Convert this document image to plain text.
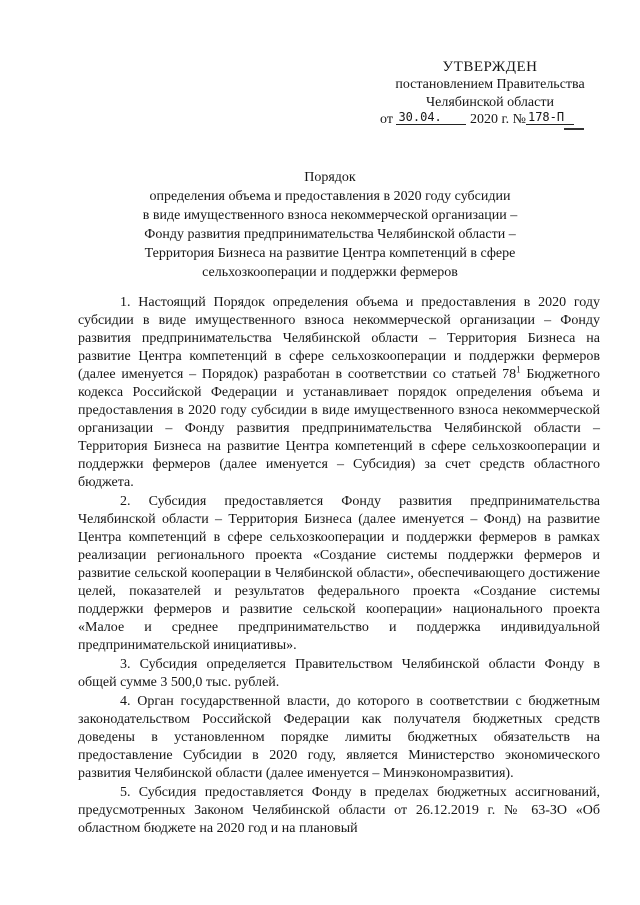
УТВЕРЖДЕН
постановлением Правительства
Челябинской области
от 30.04. 2020 г. № 178-П
Порядок
определения объема и предоставления в 2020 году субсидии
в виде имущественного взноса некоммерческой организации –
Фонду развития предпринимательства Челябинской области –
Территория Бизнеса на развитие Центра компетенций в сфере
сельхозкооперации и поддержки фермеров

1. Настоящий Порядок определения объема и предоставления в 2020 году субсидии в виде имущественного взноса некоммерческой организации – Фонду развития предпринимательства Челябинской области – Территория Бизнеса на развитие Центра компетенций в сфере сельхозкооперации и поддержки фермеров (далее именуется – Порядок) разработан в соответствии со статьей $78^1$ Бюджетного кодекса Российской Федерации и устанавливает порядок определения объема и предоставления в 2020 году субсидии в виде имущественного взноса некоммерческой организации – Фонду развития предпринимательства Челябинской области – Территория Бизнеса на развитие Центра компетенций в сфере сельхозкооперации и поддержки фермеров (далее именуется – Субсидия) за счет средств областного бюджета.

2. Субсидия предоставляется Фонду развития предпринимательства Челябинской области – Территория Бизнеса (далее именуется – Фонд) на развитие Центра компетенций в сфере сельхозкооперации и поддержки фермеров в рамках реализации регионального проекта «Создание системы поддержки фермеров и развитие сельской кооперации в Челябинской области», обеспечивающего достижение целей, показателей и результатов федерального проекта «Создание системы поддержки фермеров и развитие сельской кооперации» национального проекта «Малое и среднее предпринимательство и поддержка индивидуальной предпринимательской инициативы».

3. Субсидия определяется Правительством Челябинской области Фонду в общей сумме 3 500,0 тыс. рублей.

4. Орган государственной власти, до которого в соответствии с бюджетным законодательством Российской Федерации как получателя бюджетных средств доведены в установленном порядке лимиты бюджетных обязательств на предоставление Субсидии в 2020 году, является Министерство экономического развития Челябинской области (далее именуется – Минэкономразвития).

5. Субсидия предоставляется Фонду в пределах бюджетных ассигнований, предусмотренных Законом Челябинской области от 26.12.2019 г. № 63-ЗО «Об областном бюджете на 2020 год и на плановый
